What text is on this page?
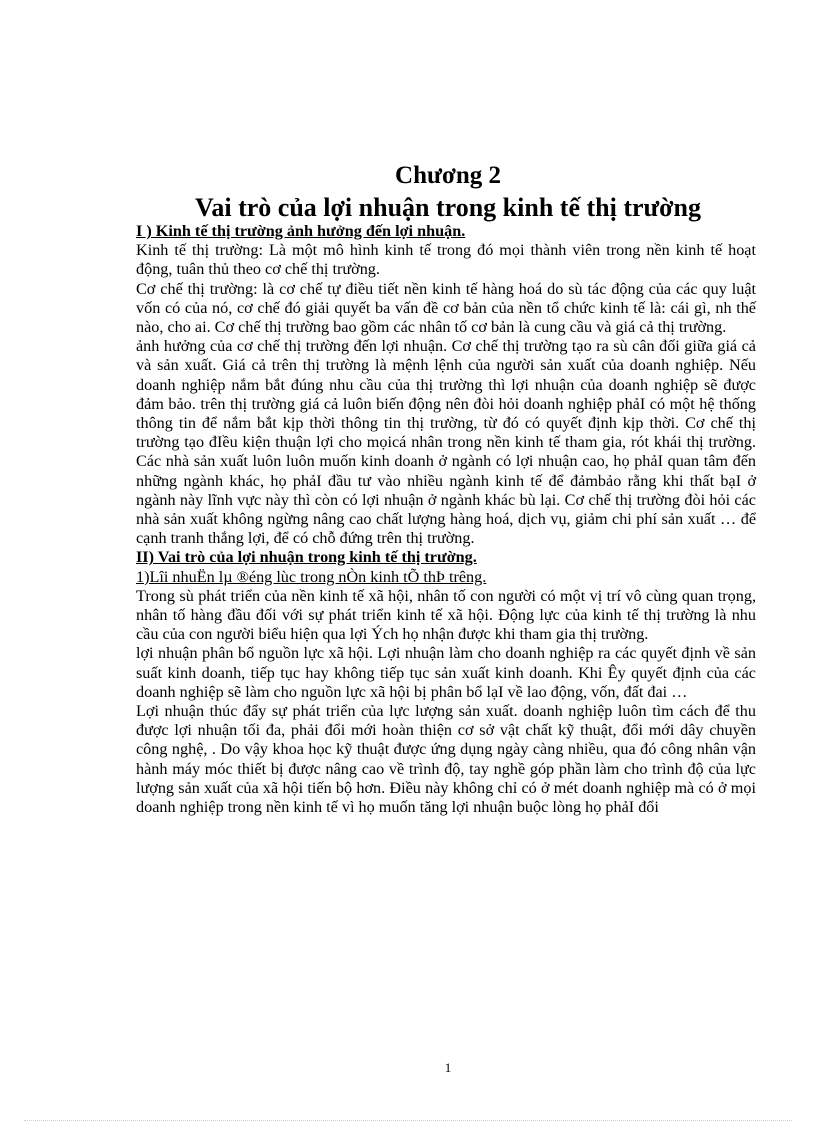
Chương 2
Vai trò của lợi nhuận trong kinh tế thị trường

I ) Kinh tế thị trường ảnh hưởng đến lợi nhuận.

Kinh tế thị trường: Là một mô hình kinh tế trong đó mọi thành viên trong nền kinh tế hoạt động, tuân thủ theo cơ chế thị trường.

Cơ chế thị trường: là cơ chế tự điều tiết nền kinh tế hàng hoá do sù tác động của các quy luật vốn có của nó, cơ chế đó giải quyết ba vấn đề cơ bản của nền tổ chức kinh tế là: cái gì, nh thế nào, cho ai. Cơ chế thị trường bao gồm các nhân tố cơ bản là cung cầu và giá cả thị trường.

ảnh hưởng của cơ chế thị trường đến lợi nhuận. Cơ chế thị trường tạo ra sù cân đối giữa giá cả và sản xuất. Giá cả trên thị trường là mệnh lệnh của người sản xuất của doanh nghiệp. Nếu doanh nghiệp nắm bắt đúng nhu cầu của thị trường thì lợi nhuận của doanh nghiệp sẽ được đảm bảo. trên thị trường giá cả luôn biến động nên đòi hỏi doanh nghiệp phảI có một hệ thống thông tin để nắm bắt kịp thời thông tin thị trường, từ đó có quyết định kịp thời. Cơ chế thị trường tạo đIều kiện thuận lợi cho mọicá nhân trong nền kinh tế tham gia, rót khái thị trường. Các nhà sản xuất luôn luôn muốn kinh doanh ở ngành có lợi nhuận cao, họ phảI quan tâm đến những ngành khác, họ phảI đầu tư vào nhiều ngành kinh tế để đảmbảo rằng khi thất bạI ở ngành này lĩnh vực này thì còn có lợi nhuận ở ngành khác bù lại. Cơ chế thị trường đòi hỏi các nhà sản xuất không ngừng nâng cao chất lượng hàng hoá, dịch vụ, giảm chi phí sản xuất … để cạnh tranh thắng lợi, để có chỗ đứng trên thị trường.

II) Vai trò của lợi nhuận trong kinh tế thị trường.

1)Lîi nhuËn lµ ®éng lùc trong nÒn kinh tÕ thÞ trêng.

Trong sù phát triển của nền kinh tế xã hội, nhân tố con người có một vị trí vô cùng quan trọng, nhân tố hàng đầu đối với sự phát triển kinh tế xã hội. Động lực của kinh tế thị trường là nhu cầu của con người biểu hiện qua lợi Ých họ nhận được khi tham gia thị trường.

lợi nhuận phân bổ nguồn lực xã hội. Lợi nhuận làm cho doanh nghiệp ra các quyết định về sản suất kinh doanh, tiếp tục hay không tiếp tục sản xuất kinh doanh. Khi Êy quyết định của các doanh nghiệp sẽ làm cho nguồn lực xã hội bị phân bổ lạI về lao động, vốn, đất đai …

Lợi nhuận thúc đẩy sự phát triển của lực lượng sản xuất. doanh nghiệp luôn tìm cách để thu được lợi nhuận tối đa, phải đổi mới hoàn thiện cơ sở vật chất kỹ thuật, đổi mới dây chuyền công nghệ, . Do vậy khoa học kỹ thuật được ứng dụng ngày càng nhiều, qua đó công nhân vận hành máy móc thiết bị được nâng cao về trình độ, tay nghề góp phần làm cho trình độ của lực lượng sản xuất của xã hội tiến bộ hơn. Điều này không chỉ có ở mét doanh nghiệp mà có ở mọi doanh nghiệp trong nền kinh tế vì họ muốn tăng lợi nhuận buộc lòng họ phảI đổi

1
